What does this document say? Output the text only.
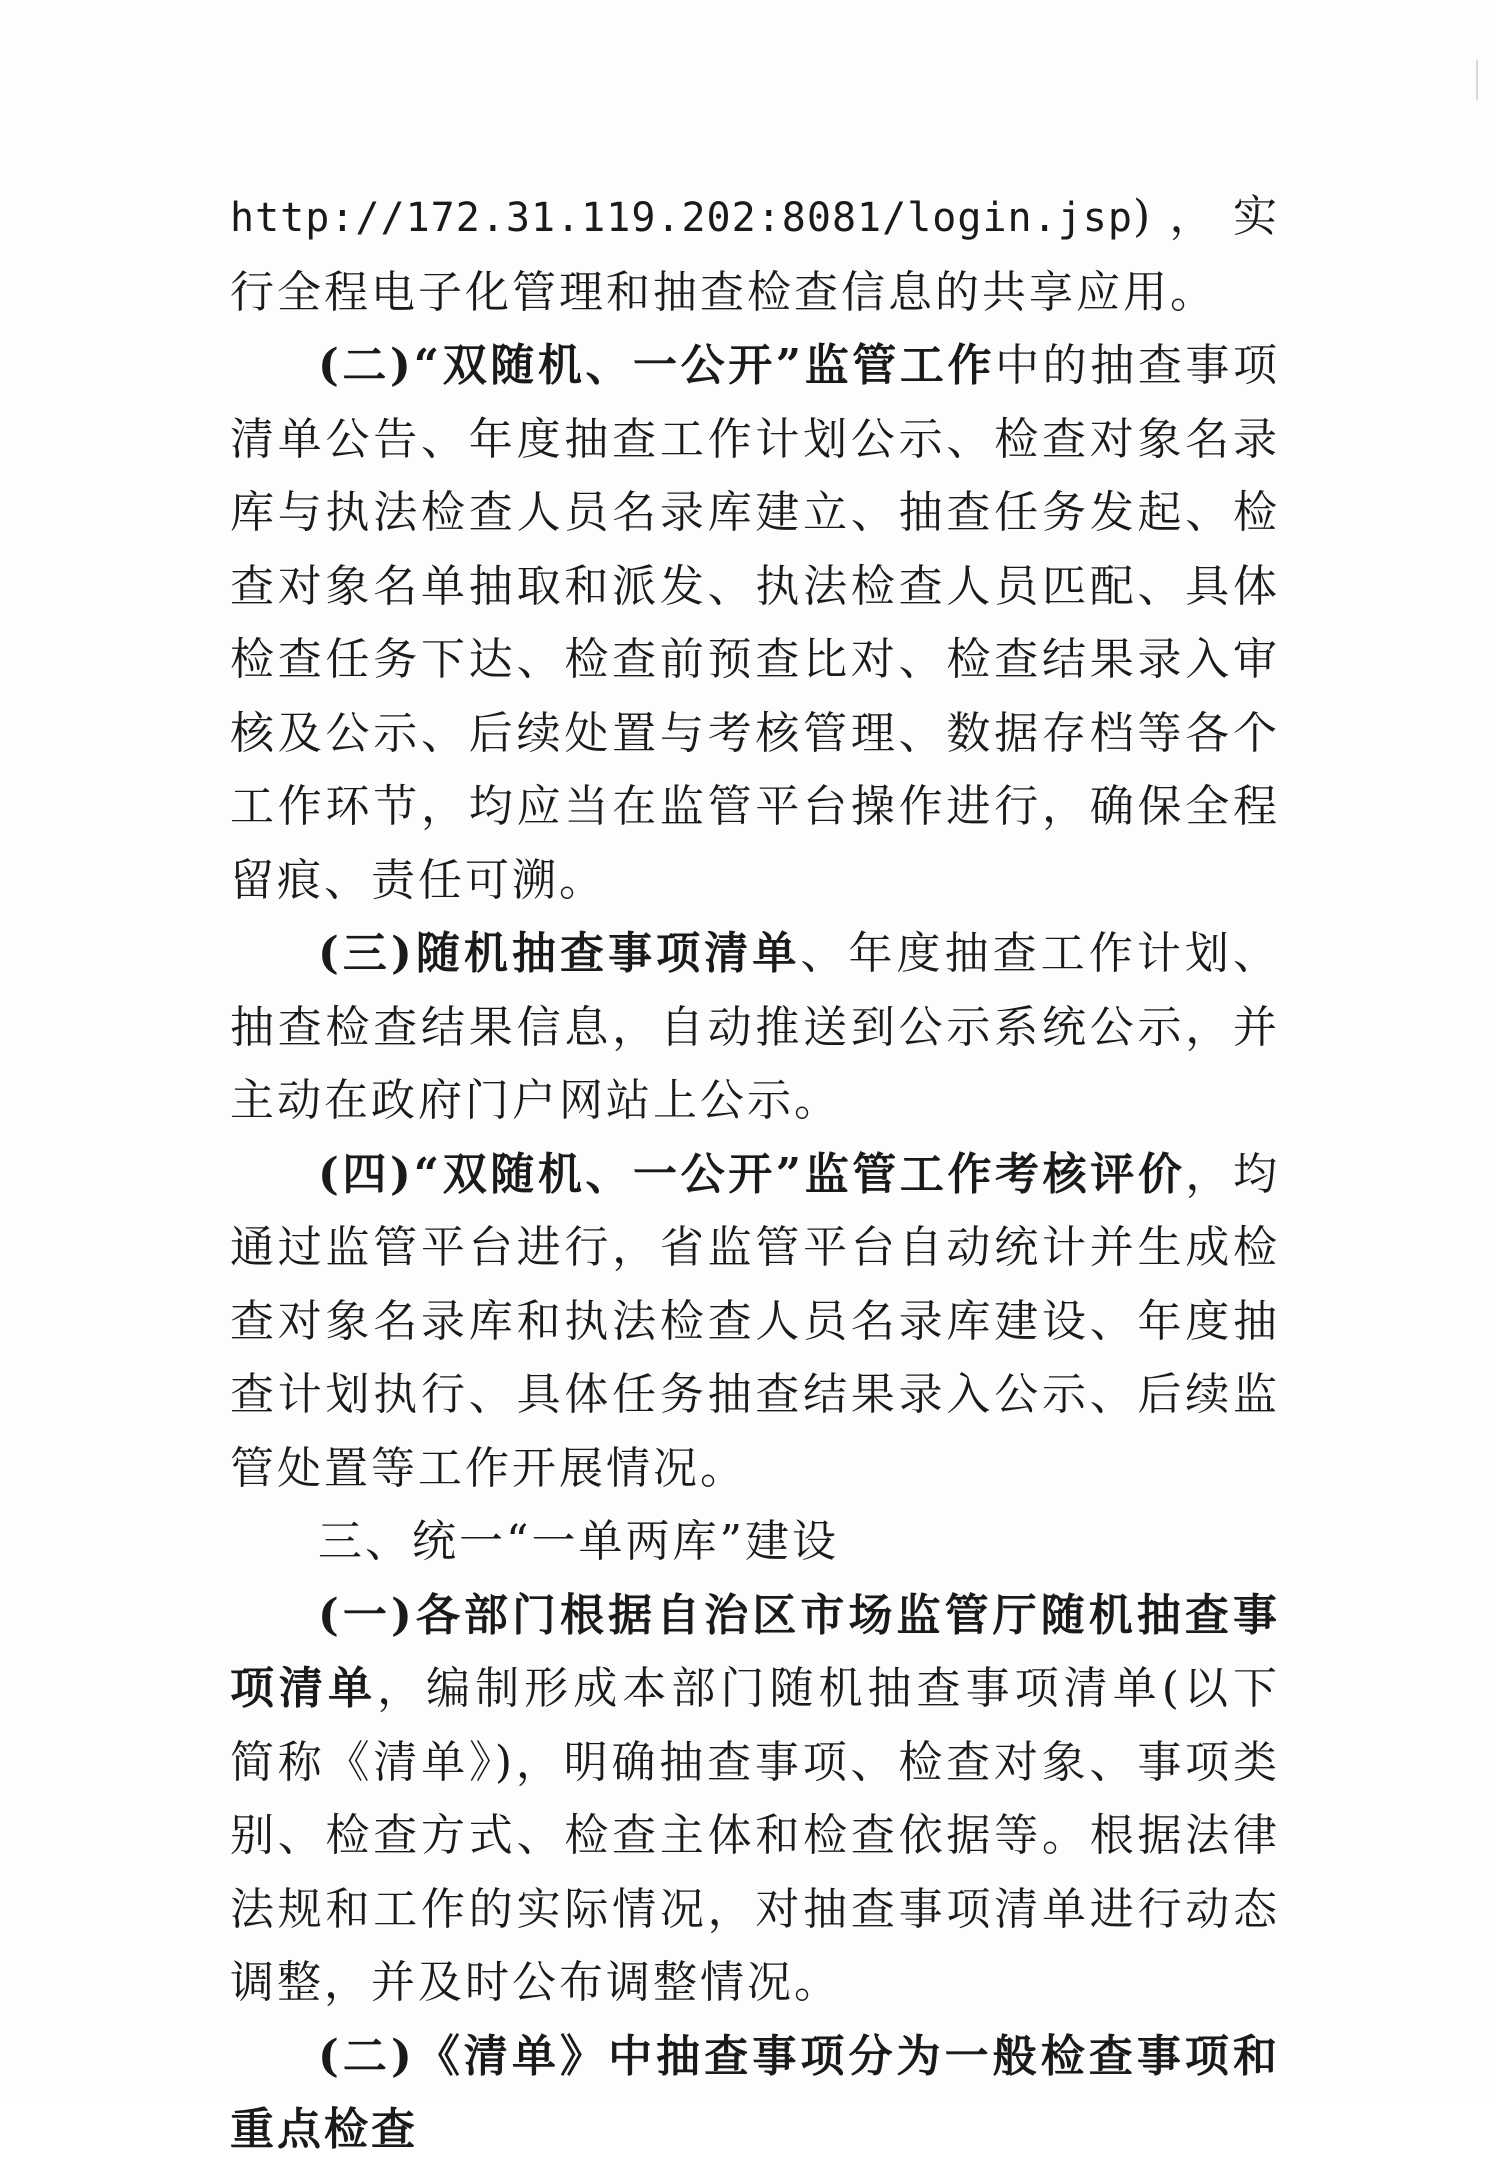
http://172.31.119.202:8081/login.jsp)，实行全程电子化管理和抽查检查信息的共享应用。

(二)“双随机、一公开”监管工作中的抽查事项清单公告、年度抽查工作计划公示、检查对象名录库与执法检查人员名录库建立、抽查任务发起、检查对象名单抽取和派发、执法检查人员匹配、具体检查任务下达、检查前预查比对、检查结果录入审核及公示、后续处置与考核管理、数据存档等各个工作环节，均应当在监管平台操作进行，确保全程留痕、责任可溯。

(三)随机抽查事项清单、年度抽查工作计划、抽查检查结果信息，自动推送到公示系统公示，并主动在政府门户网站上公示。

(四)“双随机、一公开”监管工作考核评价，均通过监管平台进行，省监管平台自动统计并生成检查对象名录库和执法检查人员名录库建设、年度抽查计划执行、具体任务抽查结果录入公示、后续监管处置等工作开展情况。

三、统一“一单两库”建设

(一)各部门根据自治区市场监管厅随机抽查事项清单，编制形成本部门随机抽查事项清单(以下简称《清单》)，明确抽查事项、检查对象、事项类别、检查方式、检查主体和检查依据等。根据法律法规和工作的实际情况，对抽查事项清单进行动态调整，并及时公布调整情况。

(二)《清单》中抽查事项分为一般检查事项和重点检查
